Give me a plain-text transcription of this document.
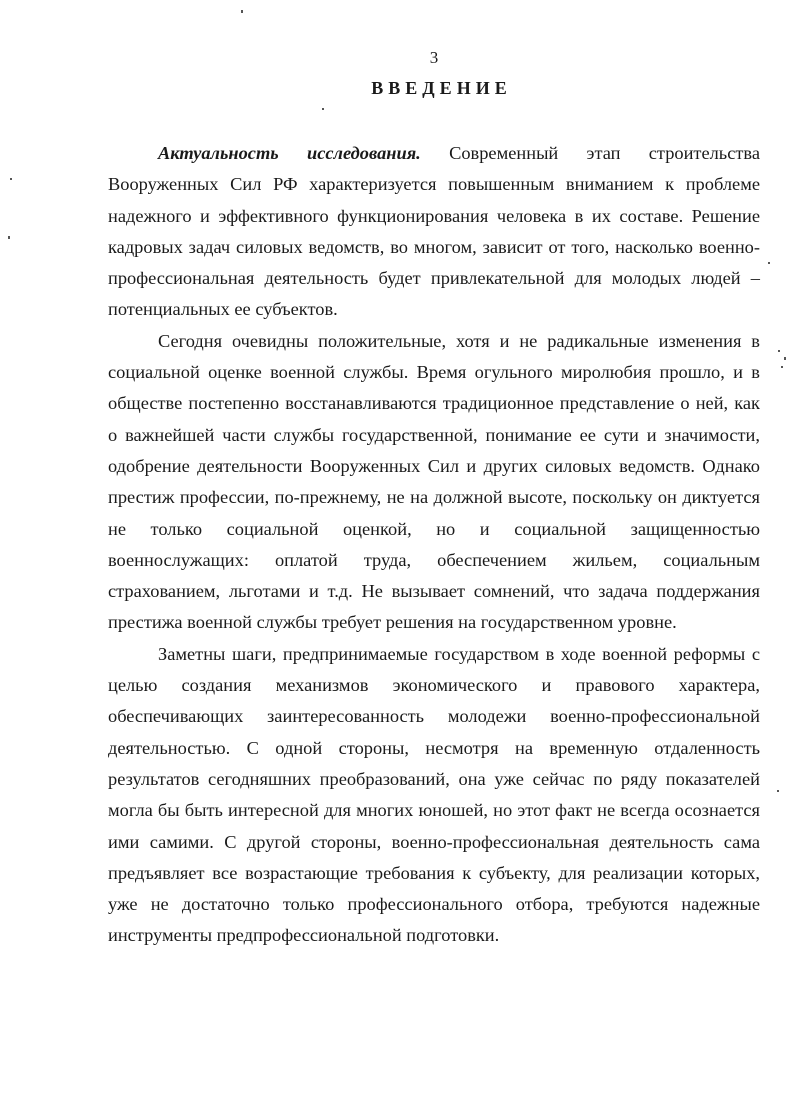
3
ВВЕДЕНИЕ

Актуальность исследования. Современный этап строительства Вооруженных Сил РФ характеризуется повышенным вниманием к проблеме надежного и эффективного функционирования человека в их составе. Решение кадровых задач силовых ведомств, во многом, зависит от того, насколько военно-профессиональная деятельность будет привлекательной для молодых людей – потенциальных ее субъектов.

Сегодня очевидны положительные, хотя и не радикальные изменения в социальной оценке военной службы. Время огульного миролюбия прошло, и в обществе постепенно восстанавливаются традиционное представление о ней, как о важнейшей части службы государственной, понимание ее сути и значимости, одобрение деятельности Вооруженных Сил и других силовых ведомств. Однако престиж профессии, по-прежнему, не на должной высоте, поскольку он диктуется не только социальной оценкой, но и социальной защищенностью военнослужащих: оплатой труда, обеспечением жильем, социальным страхованием, льготами и т.д. Не вызывает сомнений, что задача поддержания престижа военной службы требует решения на государственном уровне.

Заметны шаги, предпринимаемые государством в ходе военной реформы с целью создания механизмов экономического и правового характера, обеспечивающих заинтересованность молодежи военно-профессиональной деятельностью. С одной стороны, несмотря на временную отдаленность результатов сегодняшних преобразований, она уже сейчас по ряду показателей могла бы быть интересной для многих юношей, но этот факт не всегда осознается ими самими. С другой стороны, военно-профессиональная деятельность сама предъявляет все возрастающие требования к субъекту, для реализации которых, уже не достаточно только профессионального отбора, требуются надежные инструменты предпрофессиональной подготовки.
